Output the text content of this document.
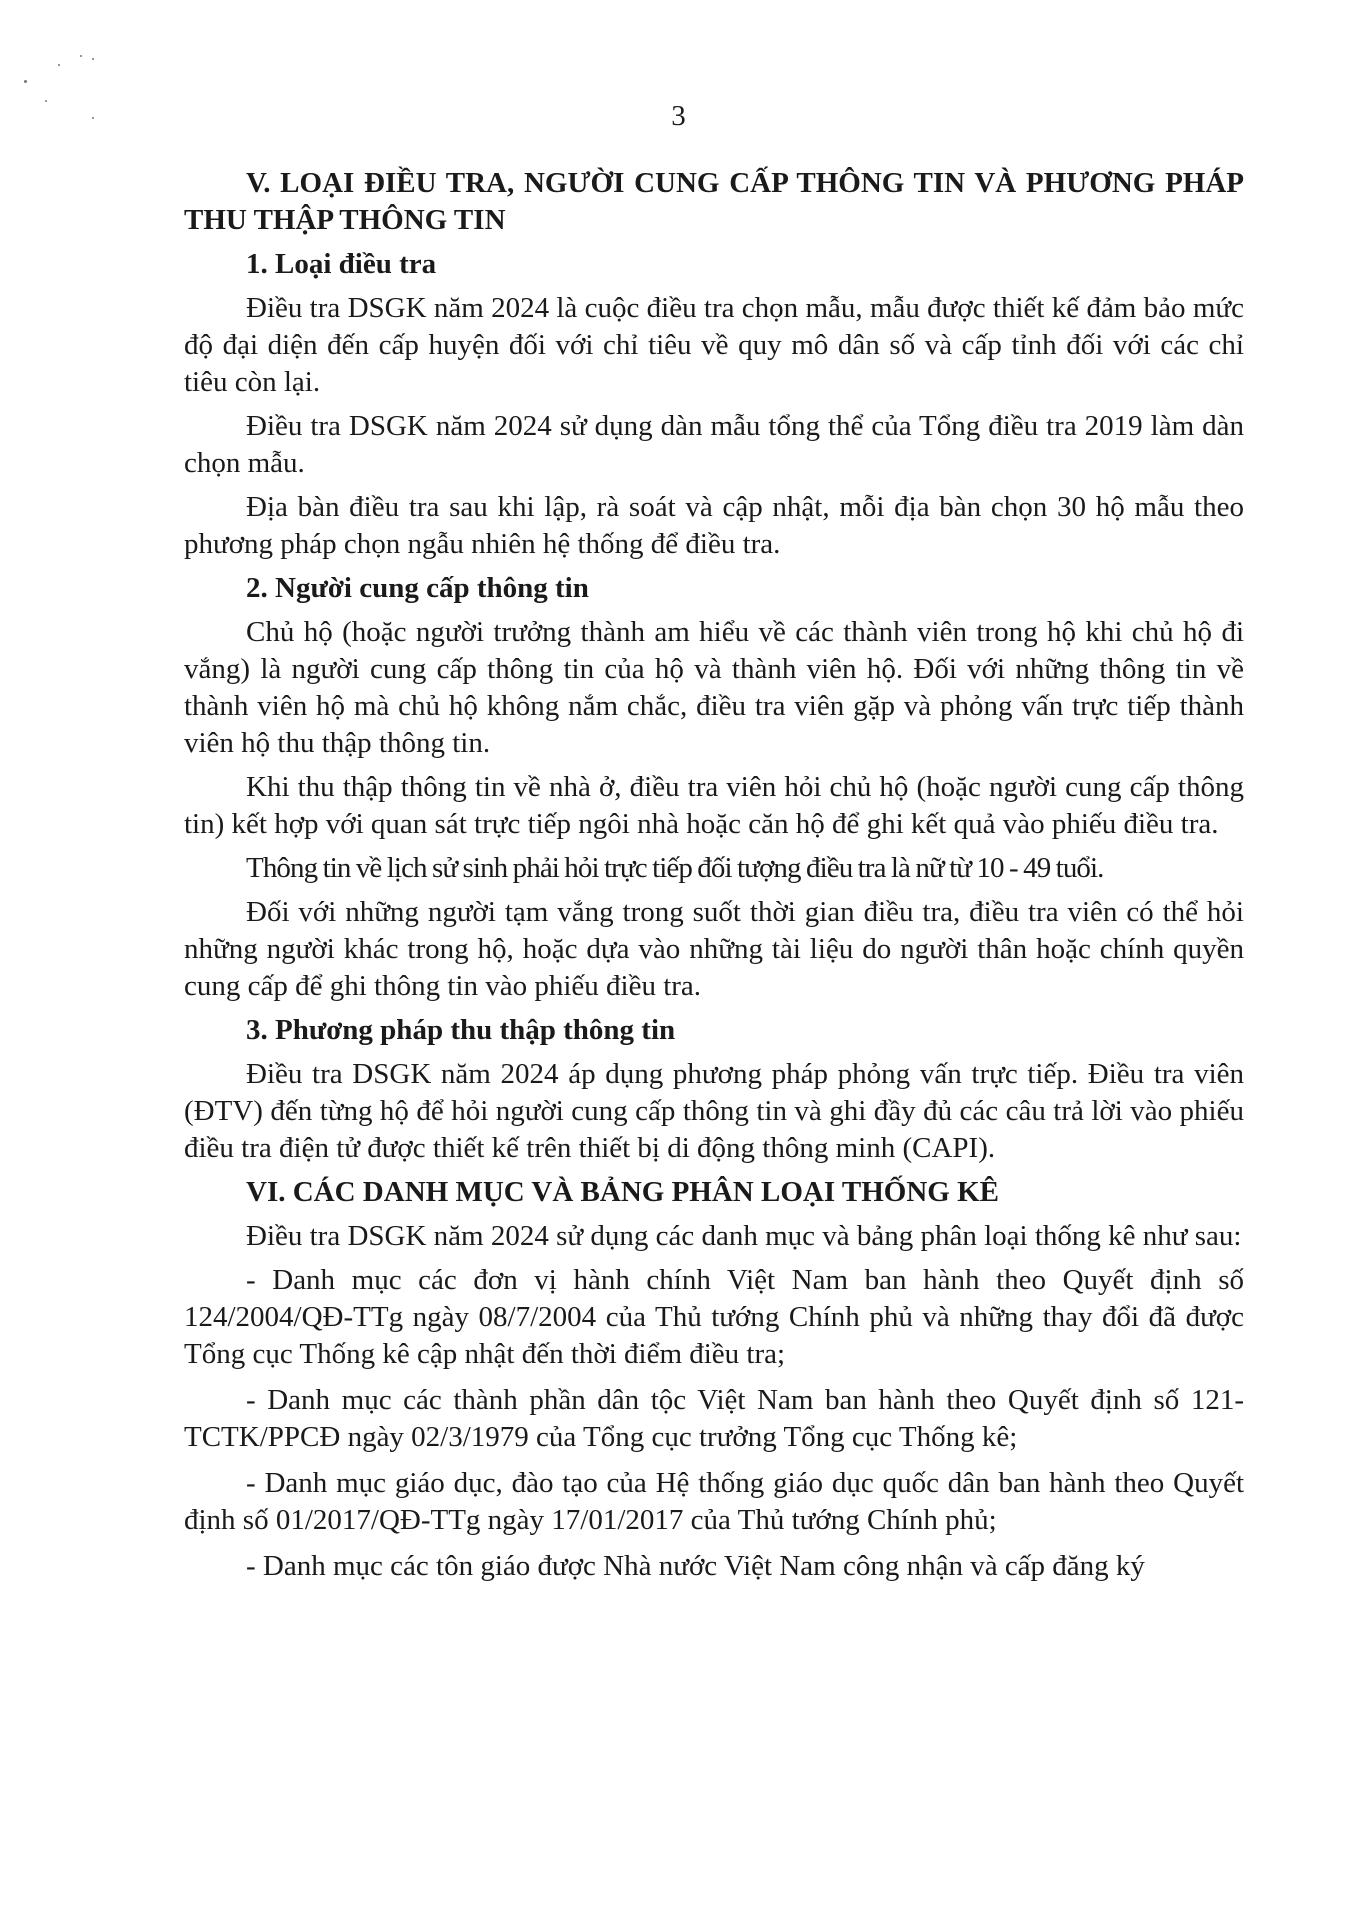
3
V. LOẠI ĐIỀU TRA, NGƯỜI CUNG CẤP THÔNG TIN VÀ PHƯƠNG PHÁP THU THẬP THÔNG TIN
1. Loại điều tra

Điều tra DSGK năm 2024 là cuộc điều tra chọn mẫu, mẫu được thiết kế đảm bảo mức độ đại diện đến cấp huyện đối với chỉ tiêu về quy mô dân số và cấp tỉnh đối với các chỉ tiêu còn lại.

Điều tra DSGK năm 2024 sử dụng dàn mẫu tổng thể của Tổng điều tra 2019 làm dàn chọn mẫu.

Địa bàn điều tra sau khi lập, rà soát và cập nhật, mỗi địa bàn chọn 30 hộ mẫu theo phương pháp chọn ngẫu nhiên hệ thống để điều tra.

2. Người cung cấp thông tin

Chủ hộ (hoặc người trưởng thành am hiểu về các thành viên trong hộ khi chủ hộ đi vắng) là người cung cấp thông tin của hộ và thành viên hộ. Đối với những thông tin về thành viên hộ mà chủ hộ không nắm chắc, điều tra viên gặp và phỏng vấn trực tiếp thành viên hộ thu thập thông tin.

Khi thu thập thông tin về nhà ở, điều tra viên hỏi chủ hộ (hoặc người cung cấp thông tin) kết hợp với quan sát trực tiếp ngôi nhà hoặc căn hộ để ghi kết quả vào phiếu điều tra.

Thông tin về lịch sử sinh phải hỏi trực tiếp đối tượng điều tra là nữ từ 10 - 49 tuổi.

Đối với những người tạm vắng trong suốt thời gian điều tra, điều tra viên có thể hỏi những người khác trong hộ, hoặc dựa vào những tài liệu do người thân hoặc chính quyền cung cấp để ghi thông tin vào phiếu điều tra.

3. Phương pháp thu thập thông tin

Điều tra DSGK năm 2024 áp dụng phương pháp phỏng vấn trực tiếp. Điều tra viên (ĐTV) đến từng hộ để hỏi người cung cấp thông tin và ghi đầy đủ các câu trả lời vào phiếu điều tra điện tử được thiết kế trên thiết bị di động thông minh (CAPI).

VI. CÁC DANH MỤC VÀ BẢNG PHÂN LOẠI THỐNG KÊ

Điều tra DSGK năm 2024 sử dụng các danh mục và bảng phân loại thống kê như sau:

- Danh mục các đơn vị hành chính Việt Nam ban hành theo Quyết định số 124/2004/QĐ-TTg ngày 08/7/2004 của Thủ tướng Chính phủ và những thay đổi đã được Tổng cục Thống kê cập nhật đến thời điểm điều tra;

- Danh mục các thành phần dân tộc Việt Nam ban hành theo Quyết định số 121-TCTK/PPCĐ ngày 02/3/1979 của Tổng cục trưởng Tổng cục Thống kê;

- Danh mục giáo dục, đào tạo của Hệ thống giáo dục quốc dân ban hành theo Quyết định số 01/2017/QĐ-TTg ngày 17/01/2017 của Thủ tướng Chính phủ;

- Danh mục các tôn giáo được Nhà nước Việt Nam công nhận và cấp đăng ký
